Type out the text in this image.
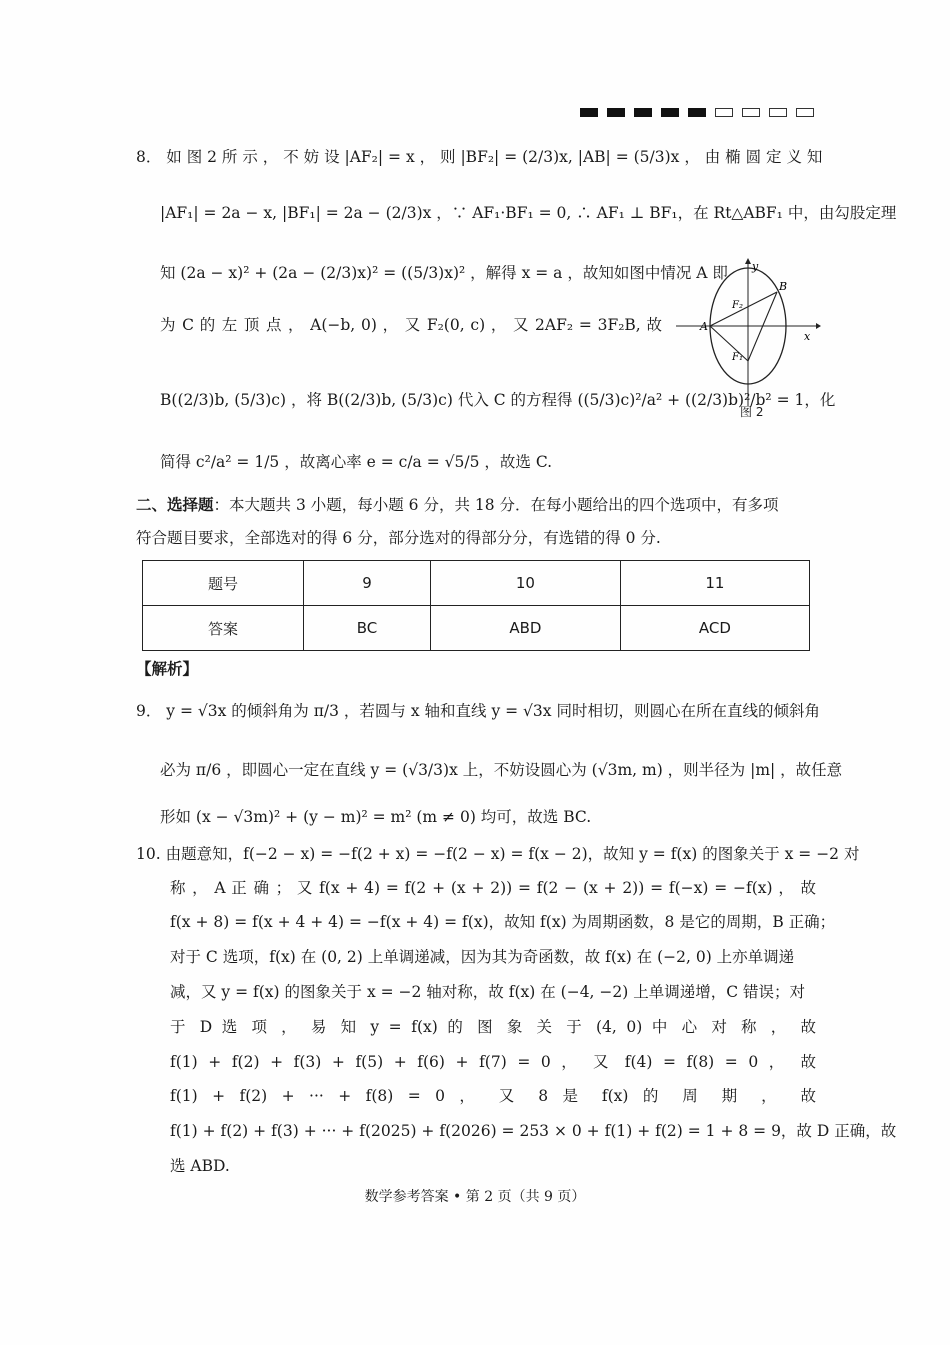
8． 如 图 2 所 示 ， 不 妨 设 |AF₂| = x ， 则 |BF₂| = (2/3)x, |AB| = (5/3)x ， 由 椭 圆 定 义 知
|AF₁| = 2a − x, |BF₁| = 2a − (2/3)x ，∵ AF₁·BF₁ = 0, ∴ AF₁ ⊥ BF₁，在 Rt△ABF₁ 中，由勾股定理
知 (2a − x)² + (2a − (2/3)x)² = ((5/3)x)² ，解得 x = a ，故知如图中情况 A 即
为 C 的 左 顶 点 ， A(−b, 0) ， 又 F₂(0, c) ， 又 2AF₂ = 3F₂B, 故
B((2/3)b, (5/3)c) ，将 B((2/3)b, (5/3)c) 代入 C 的方程得 ((5/3)c)²/a² + ((2/3)b)²/b² = 1，化
简得 c²/a² = 1/5 ，故离心率 e = c/a = √5/5 ，故选 C.
y
x
A
B
F₂
F₁
图 2
二、选择题：本大题共 3 小题，每小题 6 分，共 18 分．在每小题给出的四个选项中，有多项
符合题目要求，全部选对的得 6 分，部分选对的得部分分，有选错的得 0 分.
题号	9	10	11
答案	BC	ABD	ACD
【解析】
9． y = √3x 的倾斜角为 π/3 ，若圆与 x 轴和直线 y = √3x 同时相切，则圆心在所在直线的倾斜角
必为 π/6 ，即圆心一定在直线 y = (√3/3)x 上，不妨设圆心为 (√3m, m) ，则半径为 |m| ，故任意
形如 (x − √3m)² + (y − m)² = m² (m ≠ 0) 均可，故选 BC.
10. 由题意知，f(−2 − x) = −f(2 + x) = −f(2 − x) = f(x − 2)，故知 y = f(x) 的图象关于 x = −2 对
称 ， A 正 确 ； 又 f(x + 4) = f(2 + (x + 2)) = f(2 − (x + 2)) = f(−x) = −f(x) ， 故
f(x + 8) = f(x + 4 + 4) = −f(x + 4) = f(x)，故知 f(x) 为周期函数，8 是它的周期，B 正确；
对于 C 选项，f(x) 在 (0, 2) 上单调递减，因为其为奇函数，故 f(x) 在 (−2, 0) 上亦单调递
减，又 y = f(x) 的图象关于 x = −2 轴对称，故 f(x) 在 (−4, −2) 上单调递增，C 错误；对
于 D 选 项 ， 易 知 y = f(x) 的 图 象 关 于 (4, 0) 中 心 对 称 ， 故
f(1) + f(2) + f(3) + f(5) + f(6) + f(7) = 0 ， 又 f(4) = f(8) = 0 ， 故
f(1) + f(2) + ··· + f(8) = 0 ， 又 8 是 f(x) 的 周 期 ， 故
f(1) + f(2) + f(3) + ··· + f(2025) + f(2026) = 253 × 0 + f(1) + f(2) = 1 + 8 = 9，故 D 正确，故
选 ABD.
数学参考答案 • 第 2 页（共 9 页）
